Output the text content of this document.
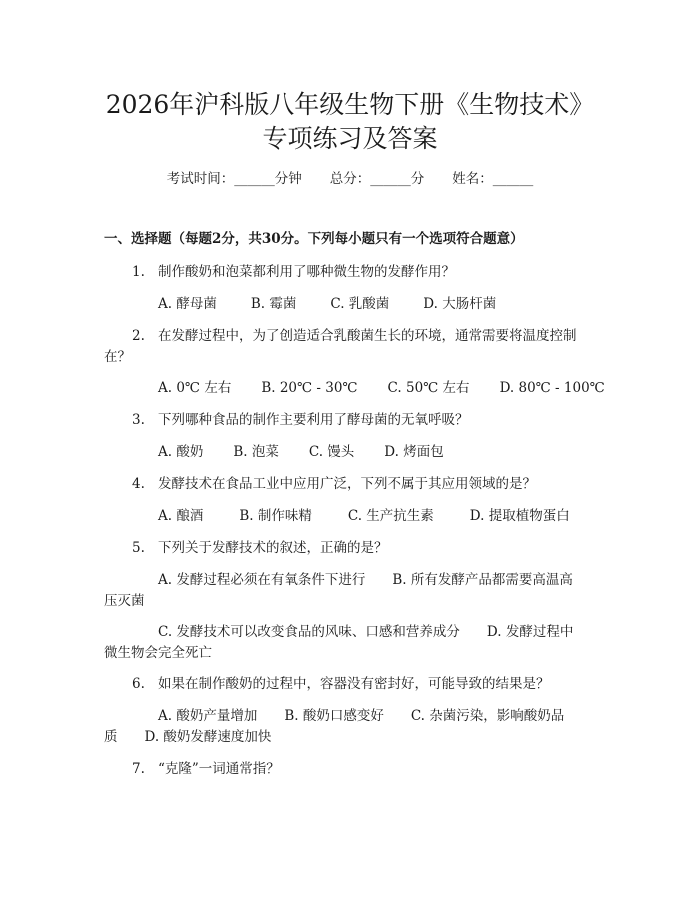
2026年沪科版八年级生物下册《生物技术》
专项练习及答案
考试时间：______分钟 总分：______分 姓名：______
一、选择题（每题2分，共30分。下列每小题只有一个选项符合题意）
1. 制作酸奶和泡菜都利用了哪种微生物的发酵作用？
A. 酵母菌	B. 霉菌	C. 乳酸菌	D. 大肠杆菌
2. 在发酵过程中，为了创造适合乳酸菌生长的环境，通常需要将温度控制
在？
A. 0℃ 左右 B. 20℃ - 30℃ C. 50℃ 左右 D. 80℃ - 100℃
3. 下列哪种食品的制作主要利用了酵母菌的无氧呼吸？
A. 酸奶 B. 泡菜 C. 馒头 D. 烤面包
4. 发酵技术在食品工业中应用广泛，下列不属于其应用领域的是？
A. 酿酒	B. 制作味精	C. 生产抗生素	D. 提取植物蛋白
5. 下列关于发酵技术的叙述，正确的是？
A. 发酵过程必须在有氧条件下进行　　B. 所有发酵产品都需要高温高
压灭菌
C. 发酵技术可以改变食品的风味、口感和营养成分　　D. 发酵过程中
微生物会完全死亡
6. 如果在制作酸奶的过程中，容器没有密封好，可能导致的结果是？
A. 酸奶产量增加　　B. 酸奶口感变好　　C. 杂菌污染，影响酸奶品
质　　D. 酸奶发酵速度加快
7. “克隆”一词通常指？
